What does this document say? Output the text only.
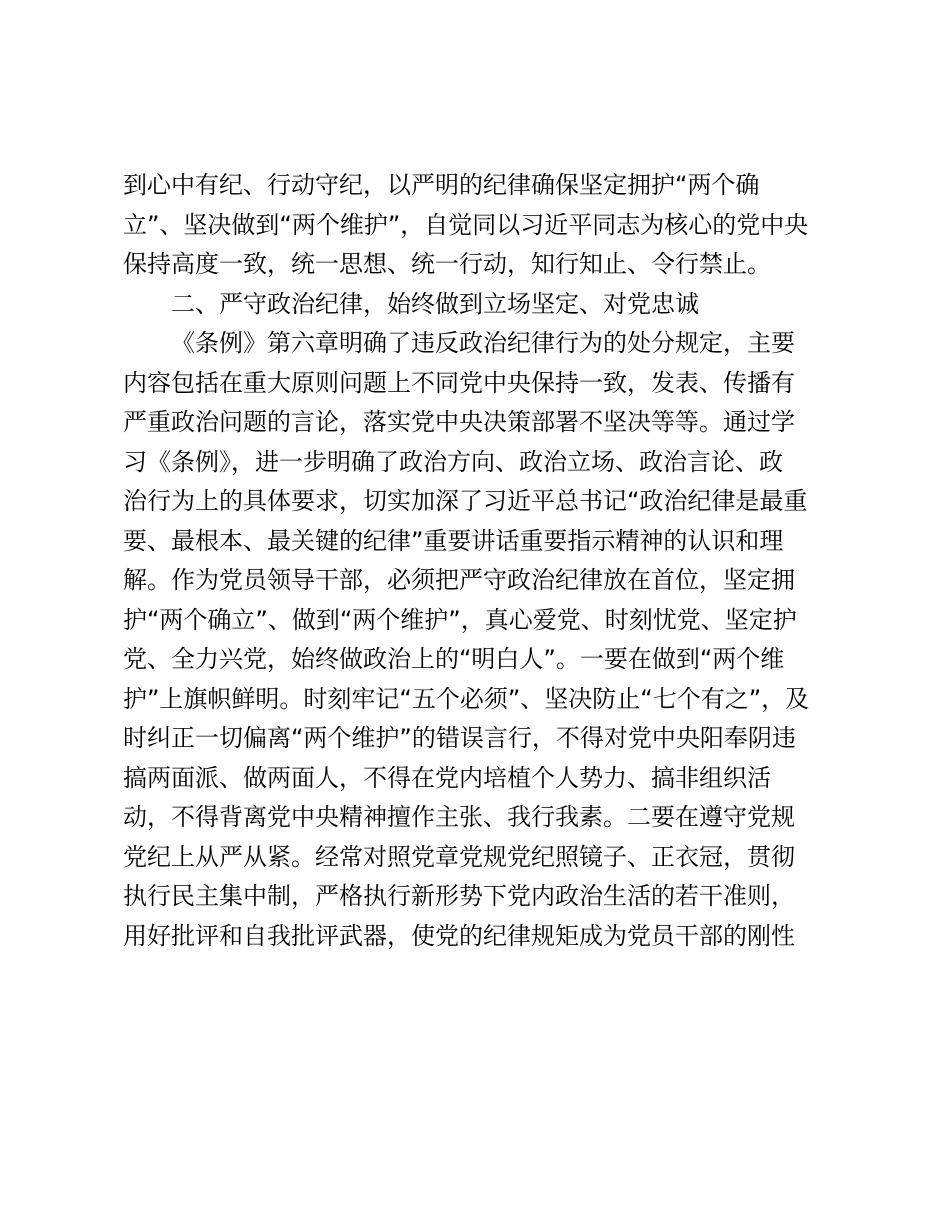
到心中有纪、行动守纪，以严明的纪律确保坚定拥护“两个确
立”、坚决做到“两个维护”，自觉同以习近平同志为核心的党中央
保持高度一致，统一思想、统一行动，知行知止、令行禁止。
二、严守政治纪律，始终做到立场坚定、对党忠诚
《条例》第六章明确了违反政治纪律行为的处分规定，主要
内容包括在重大原则问题上不同党中央保持一致，发表、传播有
严重政治问题的言论，落实党中央决策部署不坚决等等。通过学
习《条例》，进一步明确了政治方向、政治立场、政治言论、政
治行为上的具体要求，切实加深了习近平总书记“政治纪律是最重
要、最根本、最关键的纪律”重要讲话重要指示精神的认识和理
解。作为党员领导干部，必须把严守政治纪律放在首位，坚定拥
护“两个确立”、做到“两个维护”，真心爱党、时刻忧党、坚定护
党、全力兴党，始终做政治上的“明白人”。一要在做到“两个维
护”上旗帜鲜明。时刻牢记“五个必须”、坚决防止“七个有之”，及
时纠正一切偏离“两个维护”的错误言行，不得对党中央阳奉阴违
搞两面派、做两面人，不得在党内培植个人势力、搞非组织活
动，不得背离党中央精神擅作主张、我行我素。二要在遵守党规
党纪上从严从紧。经常对照党章党规党纪照镜子、正衣冠，贯彻
执行民主集中制，严格执行新形势下党内政治生活的若干准则，
用好批评和自我批评武器，使党的纪律规矩成为党员干部的刚性
